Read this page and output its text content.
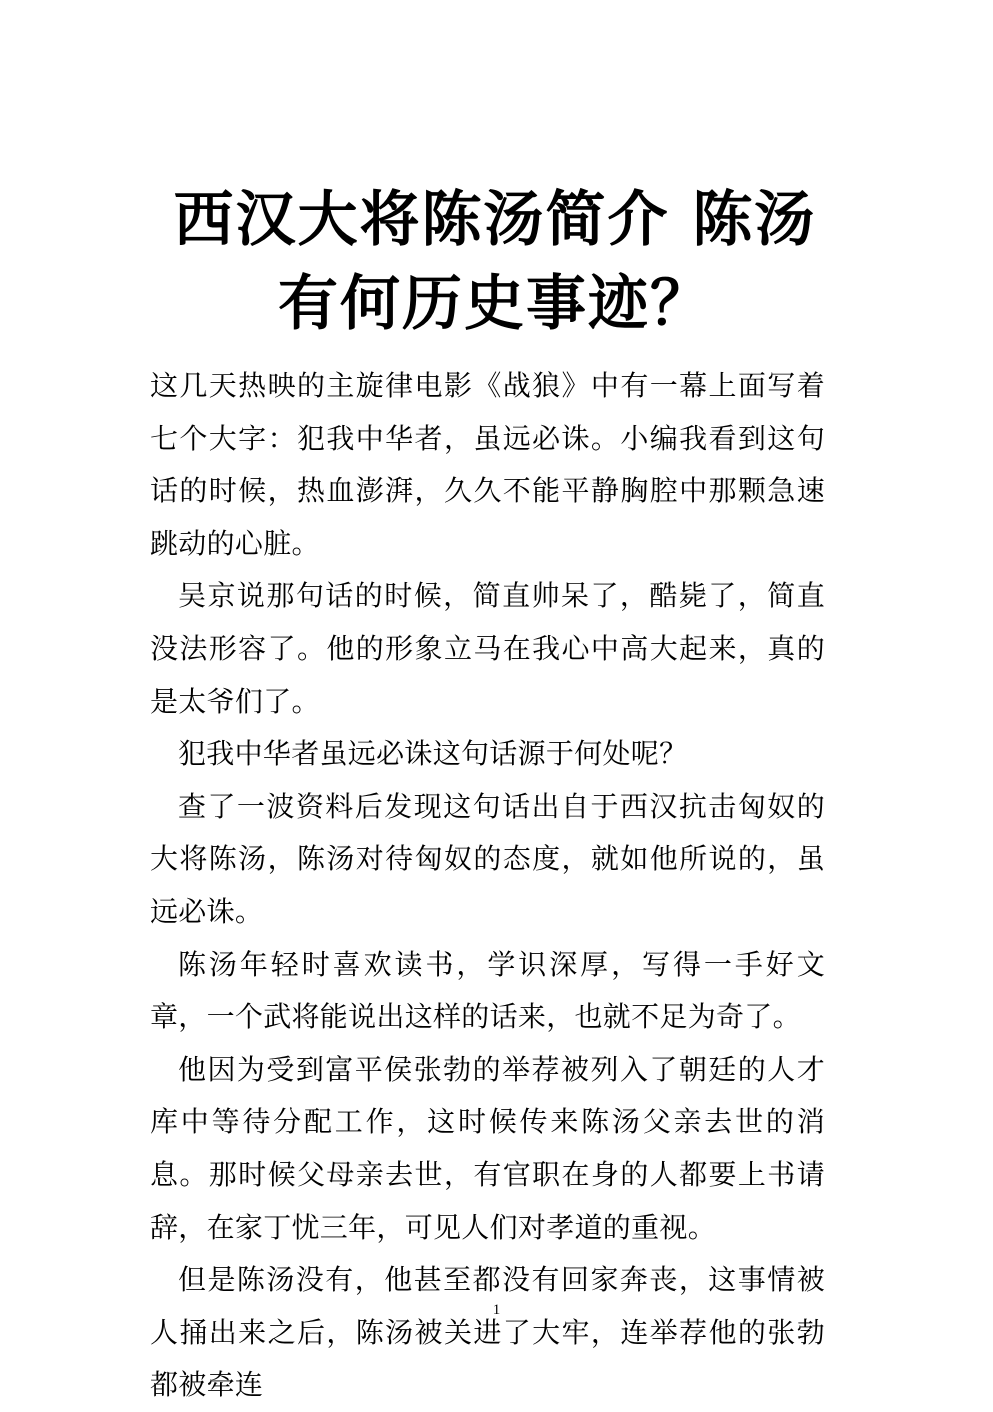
西汉大将陈汤简介 陈汤有何历史事迹？

这几天热映的主旋律电影《战狼》中有一幕上面写着七个大字：犯我中华者，虽远必诛。小编我看到这句话的时候，热血澎湃，久久不能平静胸腔中那颗急速跳动的心脏。

吴京说那句话的时候，简直帅呆了，酷毙了，简直没法形容了。他的形象立马在我心中高大起来，真的是太爷们了。

犯我中华者虽远必诛这句话源于何处呢？

查了一波资料后发现这句话出自于西汉抗击匈奴的大将陈汤，陈汤对待匈奴的态度，就如他所说的，虽远必诛。

陈汤年轻时喜欢读书，学识深厚，写得一手好文章，一个武将能说出这样的话来，也就不足为奇了。

他因为受到富平侯张勃的举荐被列入了朝廷的人才库中等待分配工作，这时候传来陈汤父亲去世的消息。那时候父母亲去世，有官职在身的人都要上书请辞，在家丁忧三年，可见人们对孝道的重视。

但是陈汤没有，他甚至都没有回家奔丧，这事情被人捅出来之后，陈汤被关进了大牢，连举荐他的张勃都被牵连

1
